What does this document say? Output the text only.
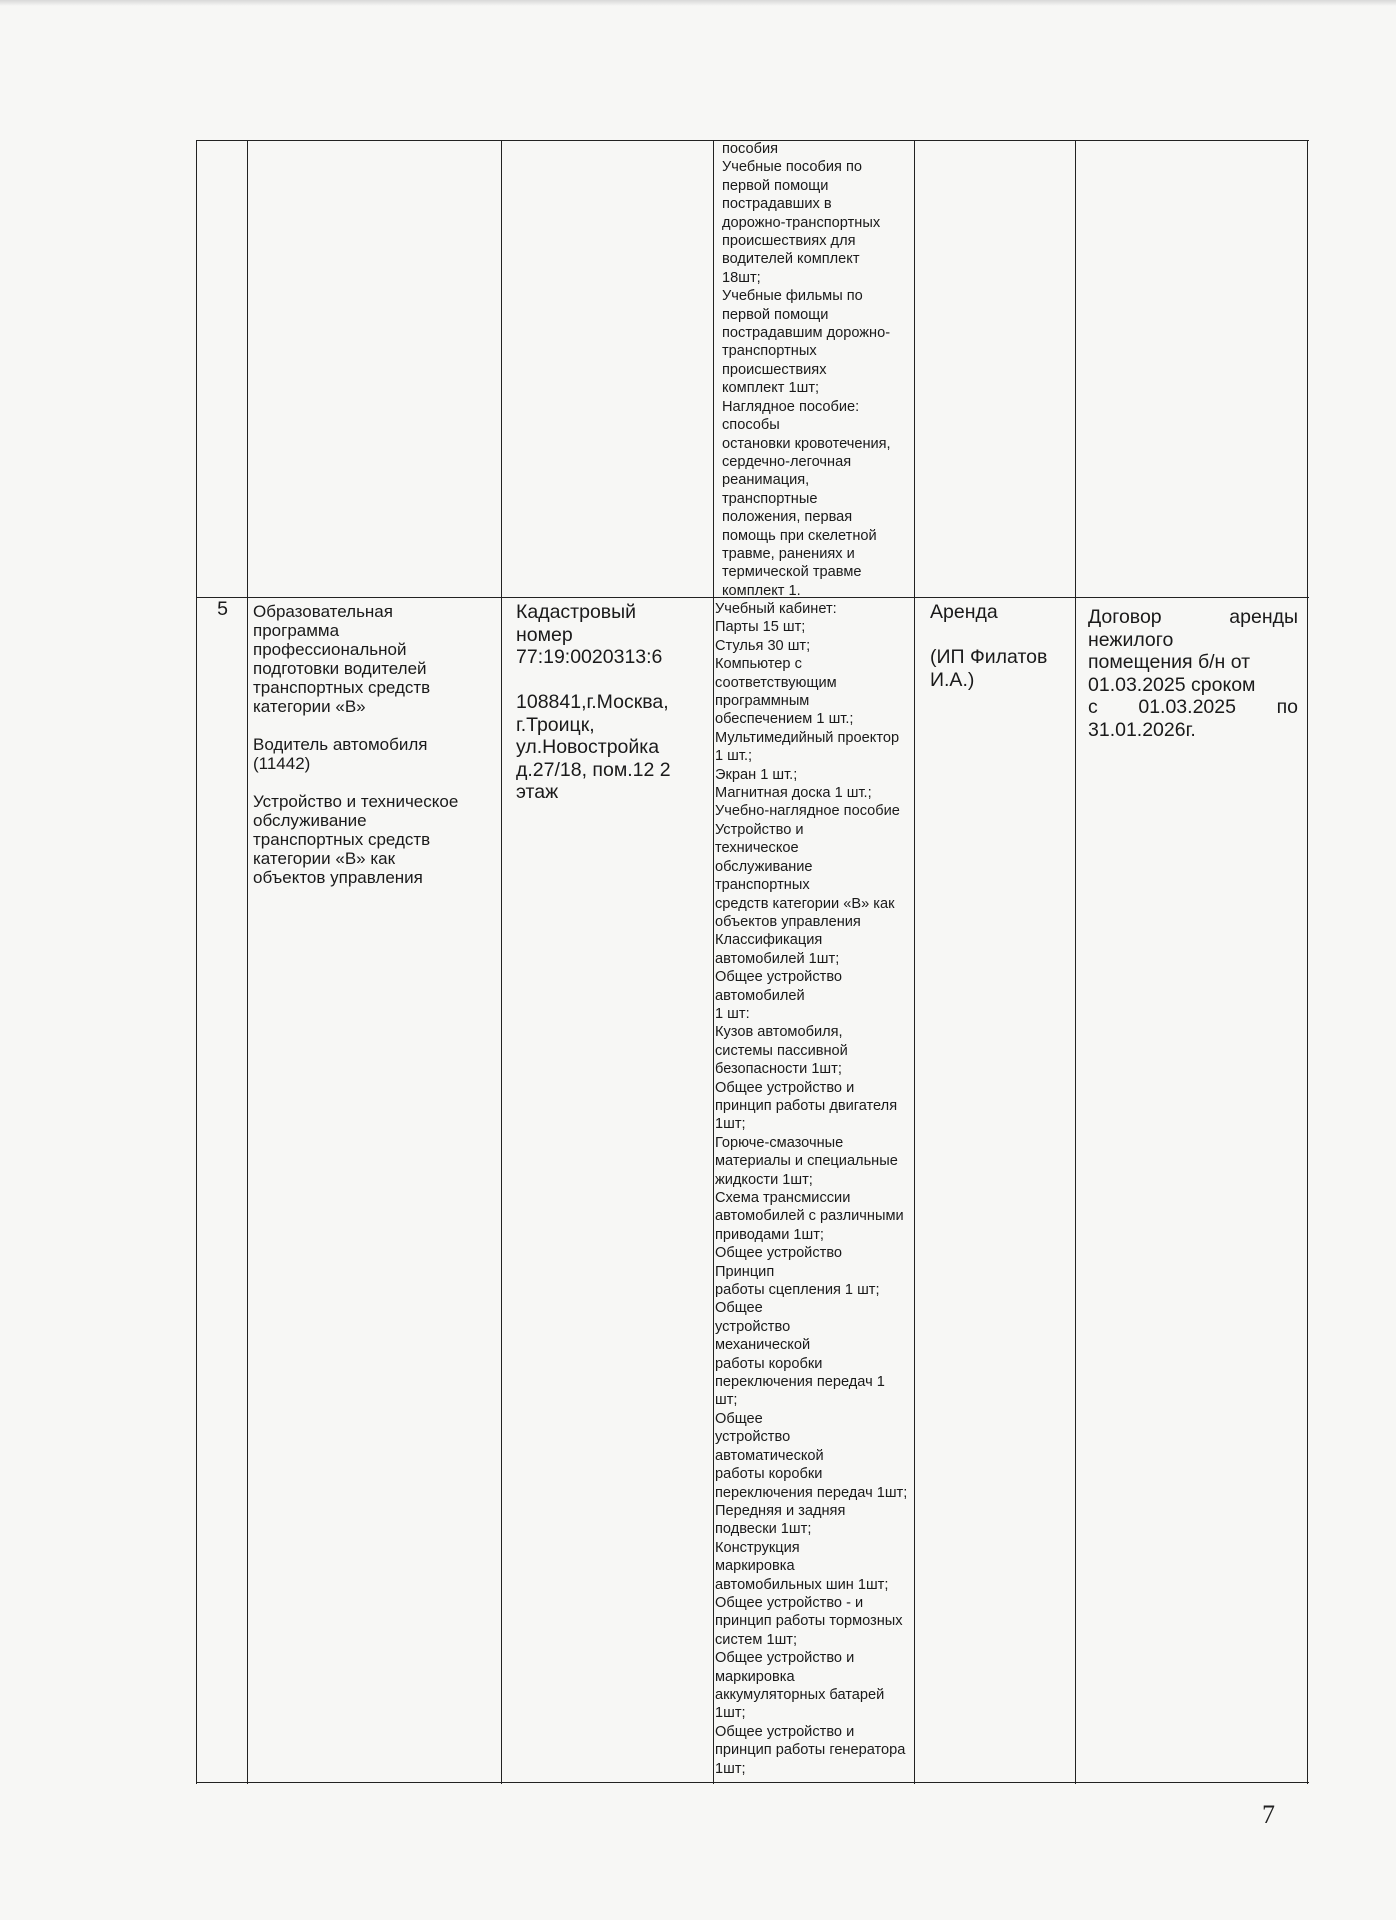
пособия
Учебные пособия по
первой помощи
пострадавших в
дорожно-транспортных
происшествиях для
водителей комплект
18шт;
Учебные фильмы по
первой помощи
пострадавшим дорожно-
транспортных
происшествиях
комплект 1шт;
Наглядное пособие:
способы
остановки кровотечения,
сердечно-легочная
реанимация,
транспортные
положения, первая
помощь при скелетной
травме, ранениях и
термической травме
комплект 1.
5	Образовательная
программа
профессиональной
подготовки водителей
транспортных средств
категории «В»

Водитель автомобиля
(11442)

Устройство и техническое
обслуживание
транспортных средств
категории «В» как
объектов управления
Кадастровый
номер
77:19:0020313:6

108841,г.Москва,
г.Троицк,
ул.Новостройка
д.27/18, пом.12 2
этаж
Учебный кабинет:
Парты 15 шт;
Стулья 30 шт;
Компьютер с
соответствующим
программным
обеспечением 1 шт.;
Мультимедийный проектор
1 шт.;
Экран 1 шт.;
Магнитная доска 1 шт.;
Учебно-наглядное пособие
Устройство и
техническое
обслуживание
транспортных
средств категории «В» как
объектов управления
Классификация
автомобилей 1шт;
Общее устройство
автомобилей
1 шт:
Кузов автомобиля,
системы пассивной
безопасности 1шт;
Общее устройство и
принцип работы двигателя
1шт;
Горюче-смазочные
материалы и специальные
жидкости 1шт;
Схема трансмиссии
автомобилей с различными
приводами 1шт;
Общее устройство
Принцип
работы сцепления 1 шт;
Общее
устройство
механической
работы коробки
переключения передач 1
шт;
Общее
устройство
автоматической
работы коробки
переключения передач 1шт;
Передняя и задняя
подвески 1шт;
Конструкция
маркировка
автомобильных шин 1шт;
Общее устройство - и
принцип работы тормозных
систем 1шт;
Общее устройство и
маркировка
аккумуляторных батарей
1шт;
Общее устройство и
принцип работы генератора
1шт;
Аренда

(ИП Филатов
И.А.)
Договор	аренды
нежилого
помещения б/н от
01.03.2025 сроком
с 01.03.2025 по
31.01.2026г.
7
